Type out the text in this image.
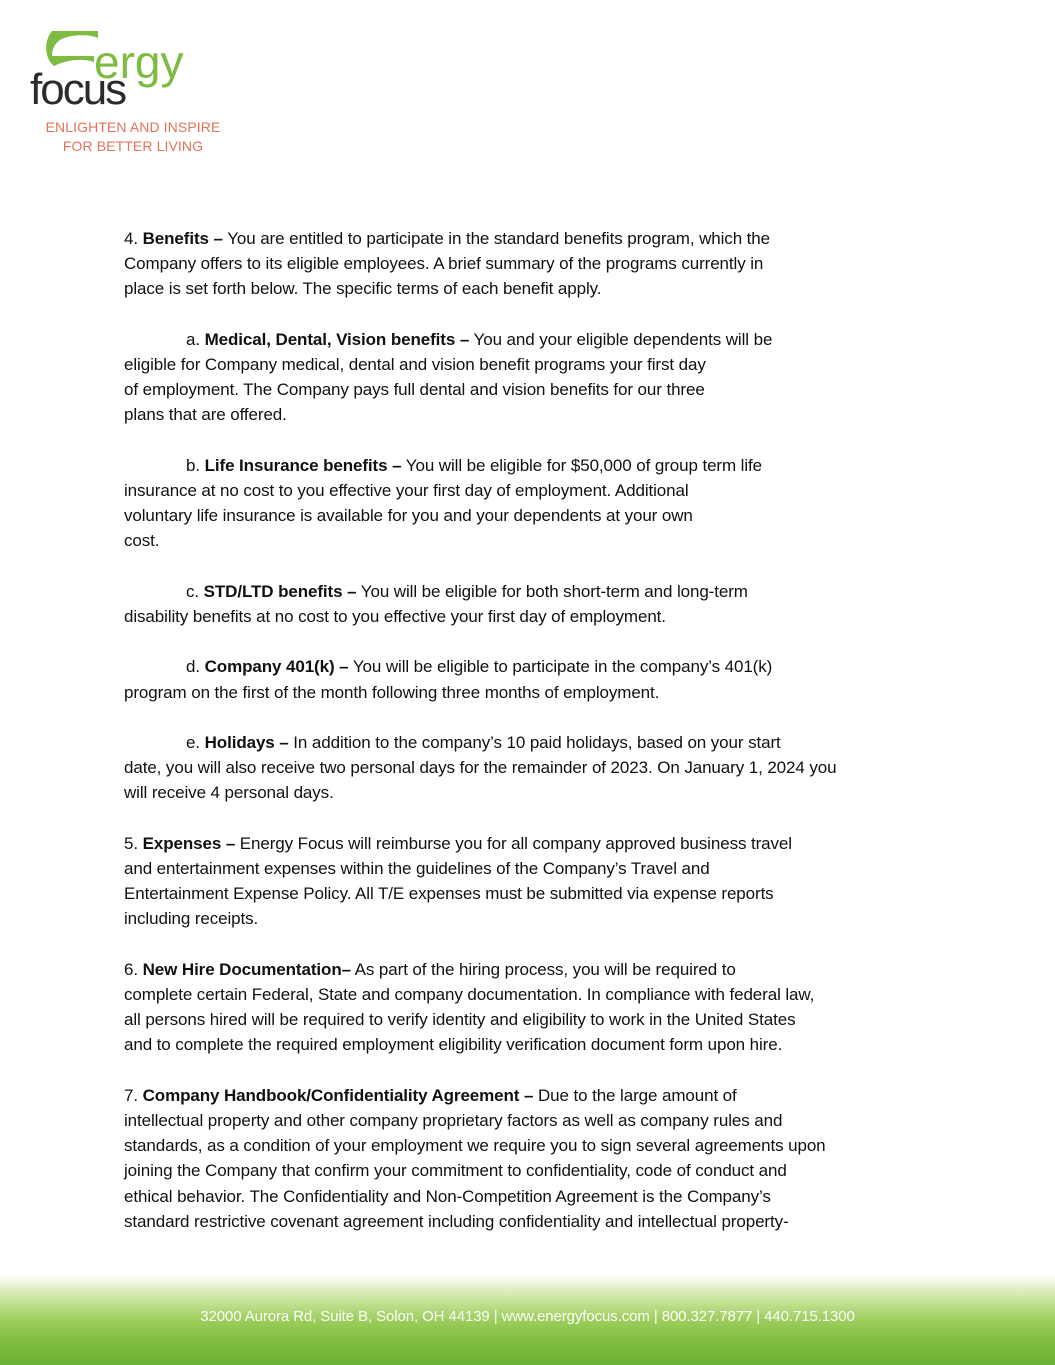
ergy
focus
ENLIGHTEN AND INSPIRE
FOR BETTER LIVING
4. Benefits – You are entitled to participate in the standard benefits program, which the
Company offers to its eligible employees. A brief summary of the programs currently in
place is set forth below. The specific terms of each benefit apply.
a. Medical, Dental, Vision benefits – You and your eligible dependents will be
eligible for Company medical, dental and vision benefit programs your first day
of employment. The Company pays full dental and vision benefits for our three
plans that are offered.
b. Life Insurance benefits – You will be eligible for $50,000 of group term life
insurance at no cost to you effective your first day of employment. Additional
voluntary life insurance is available for you and your dependents at your own
cost.
c. STD/LTD benefits – You will be eligible for both short-term and long-term
disability benefits at no cost to you effective your first day of employment.
d. Company 401(k) – You will be eligible to participate in the company’s 401(k)
program on the first of the month following three months of employment.
e. Holidays – In addition to the company’s 10 paid holidays, based on your start
date, you will also receive two personal days for the remainder of 2023. On January 1, 2024 you
will receive 4 personal days.
5. Expenses – Energy Focus will reimburse you for all company approved business travel
and entertainment expenses within the guidelines of the Company’s Travel and
Entertainment Expense Policy. All T/E expenses must be submitted via expense reports
including receipts.
6. New Hire Documentation– As part of the hiring process, you will be required to
complete certain Federal, State and company documentation. In compliance with federal law,
all persons hired will be required to verify identity and eligibility to work in the United States
and to complete the required employment eligibility verification document form upon hire.
7. Company Handbook/Confidentiality Agreement – Due to the large amount of
intellectual property and other company proprietary factors as well as company rules and
standards, as a condition of your employment we require you to sign several agreements upon
joining the Company that confirm your commitment to confidentiality, code of conduct and
ethical behavior. The Confidentiality and Non-Competition Agreement is the Company’s
standard restrictive covenant agreement including confidentiality and intellectual property-
32000 Aurora Rd, Suite B, Solon, OH 44139 | www.energyfocus.com | 800.327.7877 | 440.715.1300
